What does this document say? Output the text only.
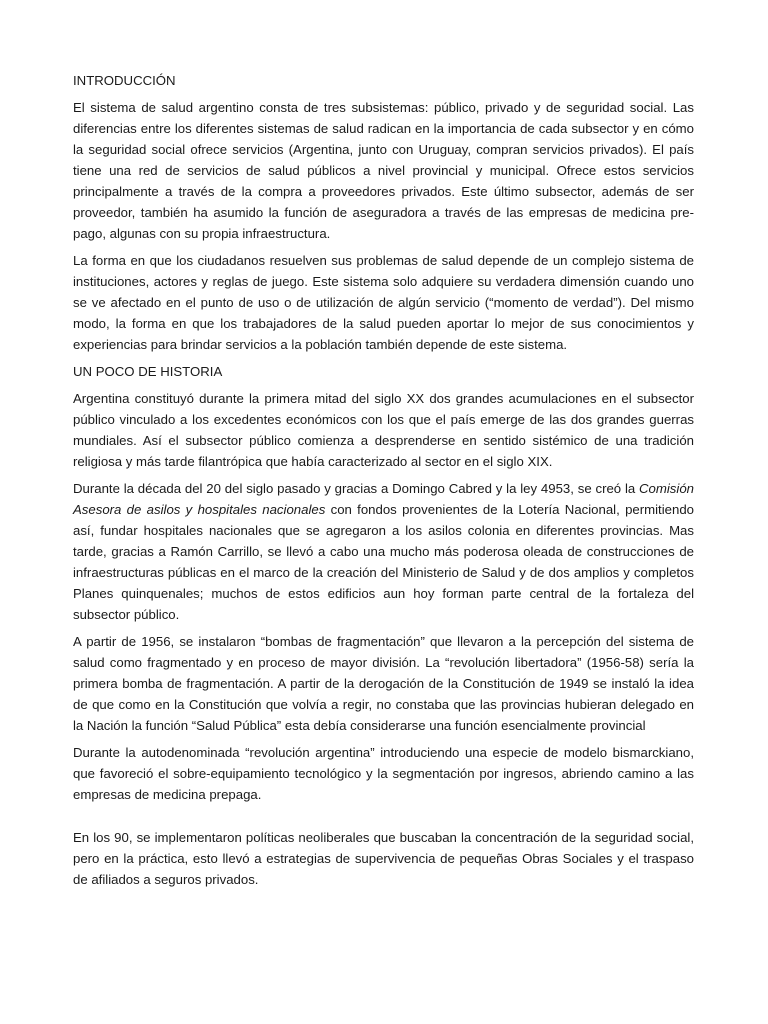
INTRODUCCIÓN

El sistema de salud argentino consta de tres subsistemas: público, privado y de seguridad social. Las diferencias entre los diferentes sistemas de salud radican en la importancia de cada subsector y en cómo la seguridad social ofrece servicios (Argentina, junto con Uruguay, compran servicios privados). El país tiene una red de servicios de salud públicos a nivel provincial y municipal. Ofrece estos servicios principalmente a través de la compra a proveedores privados. Este último subsector, además de ser proveedor, también ha asumido la función de aseguradora a través de las empresas de medicina pre-pago, algunas con su propia infraestructura.

La forma en que los ciudadanos resuelven sus problemas de salud depende de un complejo sistema de instituciones, actores y reglas de juego. Este sistema solo adquiere su verdadera dimensión cuando uno se ve afectado en el punto de uso o de utilización de algún servicio (“momento de verdad”). Del mismo modo, la forma en que los trabajadores de la salud pueden aportar lo mejor de sus conocimientos y experiencias para brindar servicios a la población también depende de este sistema.

UN POCO DE HISTORIA

Argentina constituyó durante la primera mitad del siglo XX dos grandes acumulaciones en el subsector público vinculado a los excedentes económicos con los que el país emerge de las dos grandes guerras mundiales. Así el subsector público comienza a desprenderse en sentido sistémico de una tradición religiosa y más tarde filantrópica que había caracterizado al sector en el siglo XIX.

Durante la década del 20 del siglo pasado y gracias a Domingo Cabred y la ley 4953, se creó la Comisión Asesora de asilos y hospitales nacionales con fondos provenientes de la Lotería Nacional, permitiendo así, fundar hospitales nacionales que se agregaron a los asilos colonia en diferentes provincias. Mas tarde, gracias a Ramón Carrillo, se llevó a cabo una mucho más poderosa oleada de construcciones de infraestructuras públicas en el marco de la creación del Ministerio de Salud y de dos amplios y completos Planes quinquenales; muchos de estos edificios aun hoy forman parte central de la fortaleza del subsector público.

A partir de 1956, se instalaron “bombas de fragmentación” que llevaron a la percepción del sistema de salud como fragmentado y en proceso de mayor división. La “revolución libertadora” (1956-58) sería la primera bomba de fragmentación. A partir de la derogación de la Constitución de 1949 se instaló la idea de que como en la Constitución que volvía a regir, no constaba que las provincias hubieran delegado en la Nación la función “Salud Pública” esta debía considerarse una función esencialmente provincial

Durante la autodenominada “revolución argentina” introduciendo una especie de modelo bismarckiano, que favoreció el sobre-equipamiento tecnológico y la segmentación por ingresos, abriendo camino a las empresas de medicina prepaga.

En los 90, se implementaron políticas neoliberales que buscaban la concentración de la seguridad social, pero en la práctica, esto llevó a estrategias de supervivencia de pequeñas Obras Sociales y el traspaso de afiliados a seguros privados.
